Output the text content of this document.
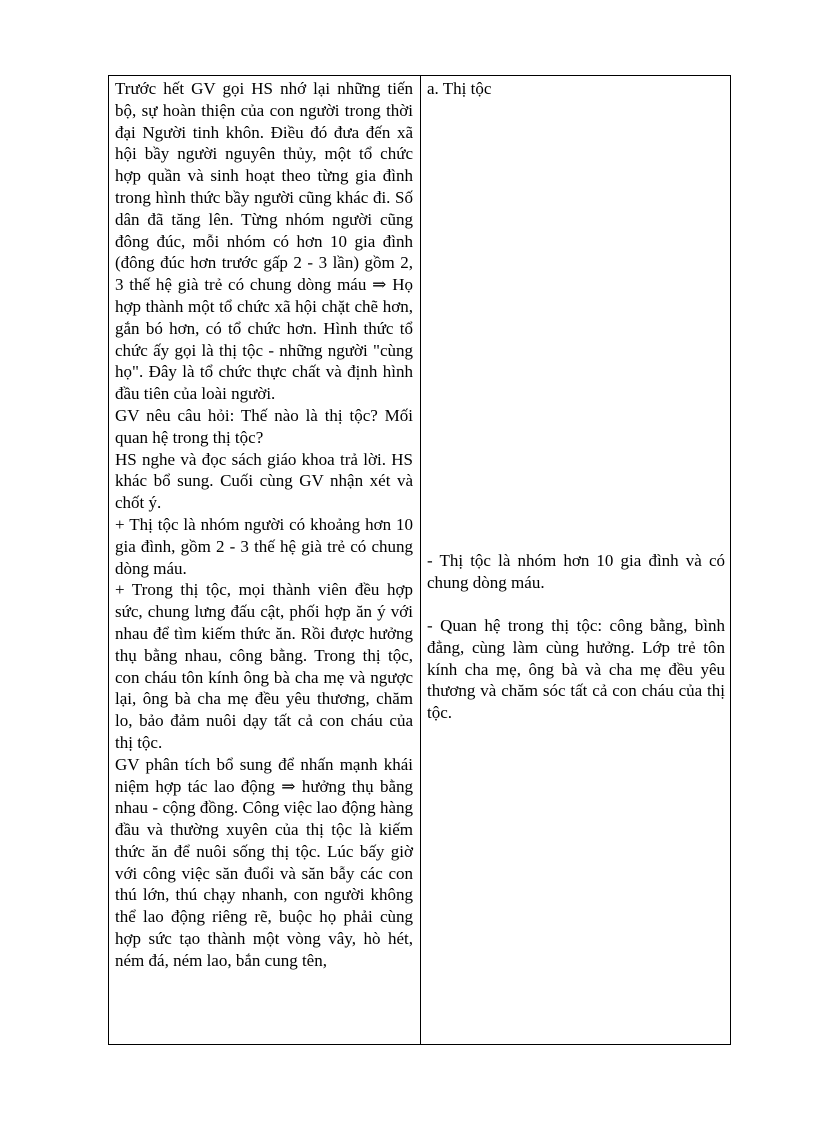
Trước hết GV gọi HS nhớ lại những tiến bộ, sự hoàn thiện của con người trong thời đại Người tinh khôn. Điều đó đưa đến xã hội bầy người nguyên thủy, một tổ chức hợp quần và sinh hoạt theo từng gia đình trong hình thức bầy người cũng khác đi. Số dân đã tăng lên. Từng nhóm người cũng đông đúc, mỗi nhóm có hơn 10 gia đình (đông đúc hơn trước gấp 2 - 3 lần) gồm 2, 3 thế hệ già trẻ có chung dòng máu ⇒ Họ hợp thành một tổ chức xã hội chặt chẽ hơn, gắn bó hơn, có tổ chức hơn. Hình thức tổ chức ấy gọi là thị tộc - những người "cùng họ". Đây là tổ chức thực chất và định hình đầu tiên của loài người.

GV nêu câu hỏi: Thế nào là thị tộc? Mối quan hệ trong thị tộc?

HS nghe và đọc sách giáo khoa trả lời. HS khác bổ sung. Cuối cùng GV nhận xét và chốt ý.

+ Thị tộc là nhóm người có khoảng hơn 10 gia đình, gồm 2 - 3 thế hệ già trẻ có chung dòng máu.

+ Trong thị tộc, mọi thành viên đều hợp sức, chung lưng đấu cật, phối hợp ăn ý với nhau để tìm kiếm thức ăn. Rồi được hưởng thụ bằng nhau, công bằng. Trong thị tộc, con cháu tôn kính ông bà cha mẹ và ngược lại, ông bà cha mẹ đều yêu thương, chăm lo, bảo đảm nuôi dạy tất cả con cháu của thị tộc.

GV phân tích bổ sung để nhấn mạnh khái niệm hợp tác lao động ⇒ hưởng thụ bằng nhau - cộng đồng. Công việc lao động hàng đầu và thường xuyên của thị tộc là kiếm thức ăn để nuôi sống thị tộc. Lúc bấy giờ với công việc săn đuổi và săn bẫy các con thú lớn, thú chạy nhanh, con người không thể lao động riêng rẽ, buộc họ phải cùng hợp sức tạo thành một vòng vây, hò hét, ném đá, ném lao, bắn cung tên,

a. Thị tộc

- Thị tộc là nhóm hơn 10 gia đình và có chung dòng máu.

- Quan hệ trong thị tộc: công bằng, bình đẳng, cùng làm cùng hưởng. Lớp trẻ tôn kính cha mẹ, ông bà và cha mẹ đều yêu thương và chăm sóc tất cả con cháu của thị tộc.
